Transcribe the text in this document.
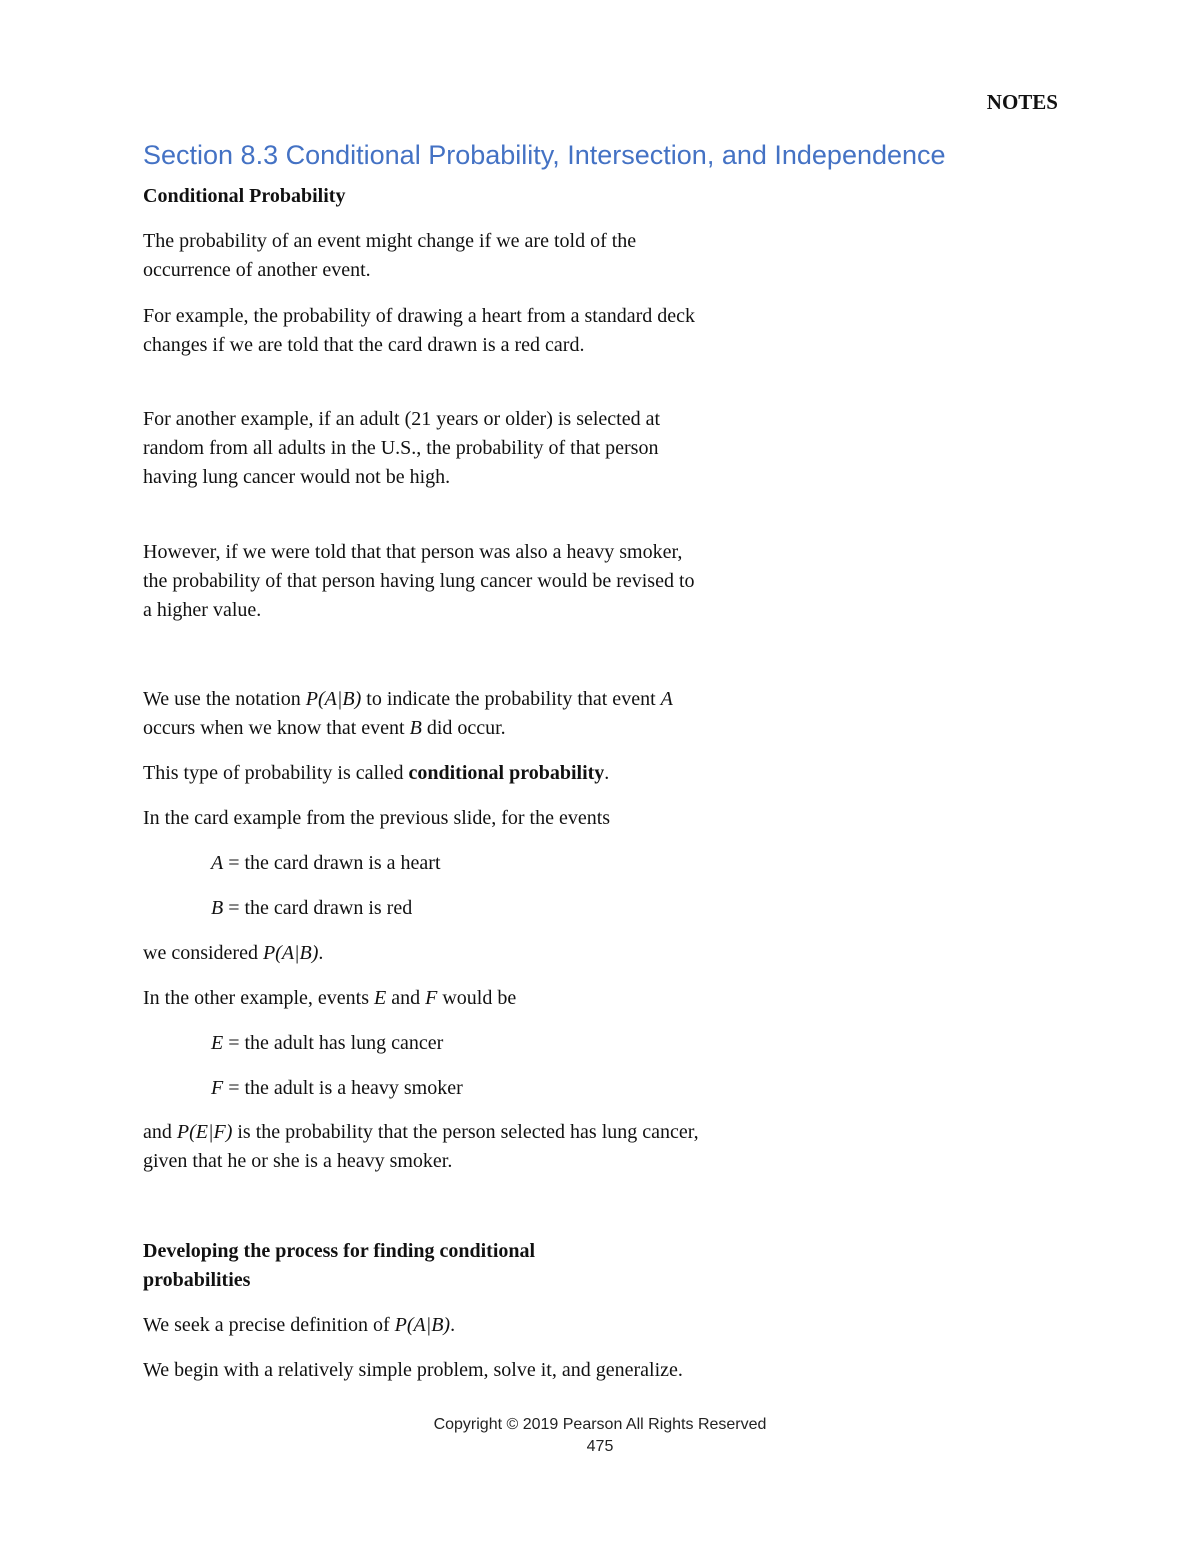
NOTES
Section 8.3 Conditional Probability, Intersection, and Independence
Conditional Probability

The probability of an event might change if we are told of the occurrence of another event.

For example, the probability of drawing a heart from a standard deck changes if we are told that the card drawn is a red card.

For another example, if an adult (21 years or older) is selected at random from all adults in the U.S., the probability of that person having lung cancer would not be high.

However, if we were told that that person was also a heavy smoker, the probability of that person having lung cancer would be revised to a higher value.

We use the notation P(A|B) to indicate the probability that event A occurs when we know that event B did occur.

This type of probability is called conditional probability.

In the card example from the previous slide, for the events

A = the card drawn is a heart

B = the card drawn is red

we considered P(A|B).

In the other example, events E and F would be

E = the adult has lung cancer

F = the adult is a heavy smoker

and P(E|F) is the probability that the person selected has lung cancer, given that he or she is a heavy smoker.

Developing the process for finding conditional probabilities

We seek a precise definition of P(A|B).

We begin with a relatively simple problem, solve it, and generalize.

Copyright © 2019 Pearson All Rights Reserved
475
